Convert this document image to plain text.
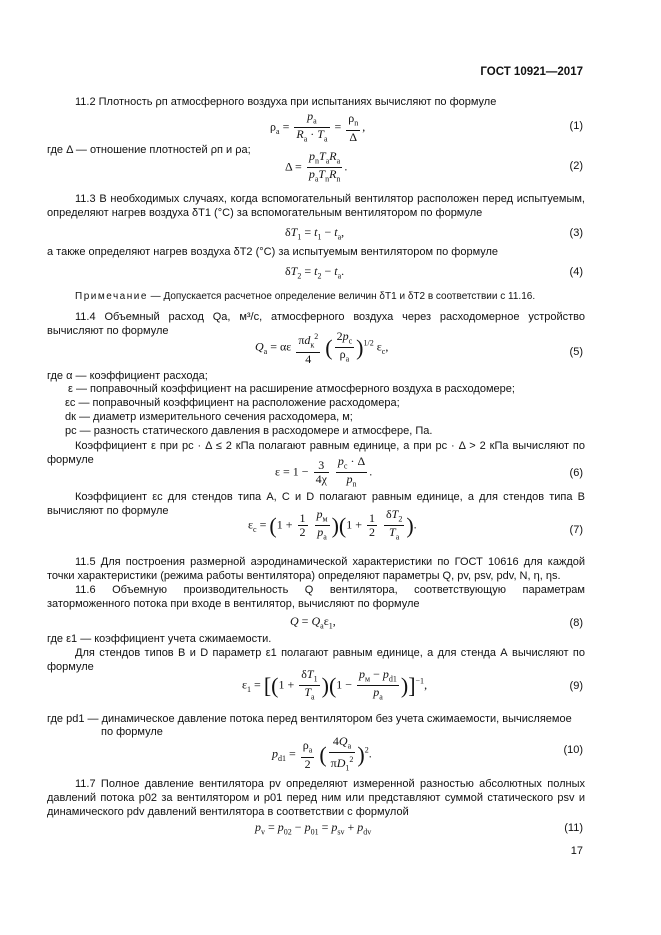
ГОСТ 10921—2017
11.2 Плотность ρп атмосферного воздуха при испытаниях вычисляют по формуле
$\rho_a = \frac{p_a}{R_a \cdot T_a} = \frac{\rho_n}{\Delta}$ ,	(1)
где Δ — отношение плотностей ρп и ρа;
$\Delta = \frac{p_nT_aR_a}{p_aT_nR_n}$ .	(2)
11.3 В необходимых случаях, когда вспомогательный вентилятор расположен перед испытуемым, определяют нагрев воздуха δT1 (°C) за вспомогательным вентилятором по формуле
$\delta T_1 = t_1 - t_a$,	(3)
а также определяют нагрев воздуха δT2 (°C) за испытуемым вентилятором по формуле
$\delta T_2 = t_2 - t_a$.	(4)
Примечание — Допускается расчетное определение величин δT1 и δT2 в соответствии с 11.16.
11.4 Объемный расход Qa, м³/с, атмосферного воздуха через расходомерное устройство вычисляют по формуле
$Q_a = \alpha\varepsilon \frac{\pi d_к^2}{4}$ ( $\frac{2p_c}{\rho_a} )^{1/2}$ $\varepsilon_c$,	(5)
где α — коэффициент расхода;
ε — поправочный коэффициент на расширение атмосферного воздуха в расходомере;
εc — поправочный коэффициент на расположение расходомера;
dк — диаметр измерительного сечения расходомера, м;
pc — разность статического давления в расходомере и атмосфере, Па.
Коэффициент ε при pc · Δ ≤ 2 кПа полагают равным единице, а при pc · Δ > 2 кПа вычисляют по формуле
$\varepsilon = 1 - \frac{3}{4\chi}$
$\frac{p_c \cdot \Delta}{p_n}$ .	(6)
Коэффициент εc для стендов типа А, С и D полагают равным единице, а для стендов типа В вычисляют по формуле
$\varepsilon_c = (1 + \frac{1}{2}$
$\frac{p_м}{p_a} )(1 + \frac{1}{2}$
$\frac{\delta T_2}{T_a}$ ).	(7)
11.5 Для построения размерной аэродинамической характеристики по ГОСТ 10616 для каждой точки характеристики (режима работы вентилятора) определяют параметры Q, pv, psv, pdv, N, η, ηs.
11.6 Объемную производительность Q вентилятора, соответствующую параметрам заторможенного потока при входе в вентилятор, вычисляют по формуле
$Q = Q_a\varepsilon_1$,	(8)
где ε1 — коэффициент учета сжимаемости.
Для стендов типов В и D параметр ε1 полагают равным единице, а для стенда А вычисляют по формуле
$\varepsilon_1 = [(1 + \frac{\delta T_1}{T_a} )(1 - \frac{p_м - p_{d1}}{p_a} )]^{-1}$,	(9)
где pd1 — динамическое давление потока перед вентилятором без учета сжимаемости, вычисляемое
по формуле
$p_{d1} = \frac{\rho_a}{2}$ ( $\frac{4Q_a}{\pi D_1^2} )^2$.	(10)
11.7 Полное давление вентилятора pv определяют измеренной разностью абсолютных полных давлений потока p02 за вентилятором и p01 перед ним или представляют суммой статического psv и динамического pdv давлений вентилятора в соответствии с формулой
$p_v = p_{02} - p_{01} = p_{sv} + p_{dv}$	(11)
17
